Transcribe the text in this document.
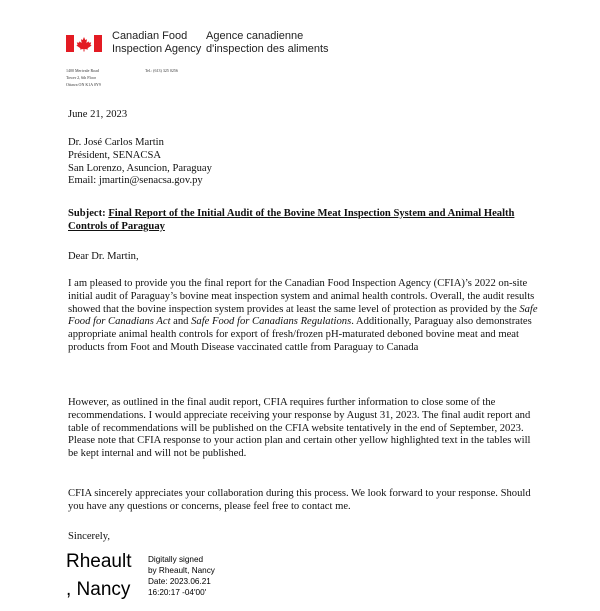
Canadian Food
Inspection Agency
Agence canadienne
d'inspection des aliments
1400 Merivale Road
Tower 2, 6th Floor
Ottawa ON K1A 0Y9
Tel.: (613) 325 0256
June 21, 2023
Dr. José Carlos Martin
Président, SENACSA
San Lorenzo, Asuncion, Paraguay
Email: jmartin@senacsa.gov.py
Subject: Final Report of the Initial Audit of the Bovine Meat Inspection System and Animal Health Controls of Paraguay
Dear Dr. Martin,
I am pleased to provide you the final report for the Canadian Food Inspection Agency (CFIA)’s 2022 on-site initial audit of Paraguay’s bovine meat inspection system and animal health controls. Overall, the audit results showed that the bovine inspection system provides at least the same level of protection as provided by the Safe Food for Canadians Act and Safe Food for Canadians Regulations. Additionally, Paraguay also demonstrates appropriate animal health controls for export of fresh/frozen pH-maturated deboned bovine meat and meat products from Foot and Mouth Disease vaccinated cattle from Paraguay to Canada
However, as outlined in the final audit report, CFIA requires further information to close some of the recommendations. I would appreciate receiving your response by August 31, 2023. The final audit report and table of recommendations will be published on the CFIA website tentatively in the end of September, 2023. Please note that CFIA response to your action plan and certain other yellow highlighted text in the tables will be kept internal and will not be published.
CFIA sincerely appreciates your collaboration during this process. We look forward to your response. Should you have any questions or concerns, please feel free to contact me.
Sincerely,
Rheault
, Nancy
Digitally signed
by Rheault, Nancy
Date: 2023.06.21
16:20:17 -04'00'
